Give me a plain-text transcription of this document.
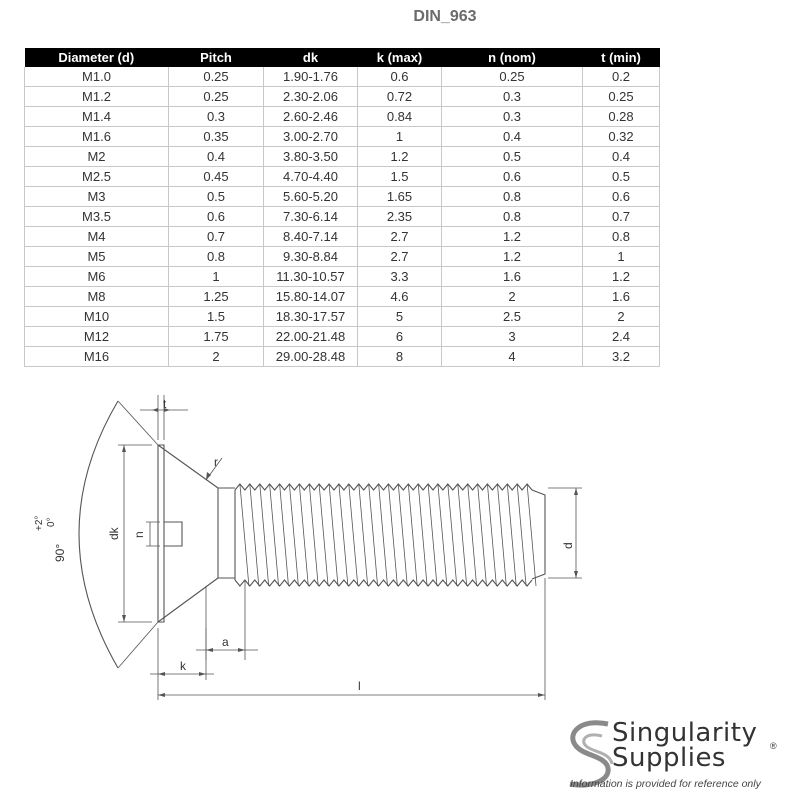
DIN_963
Diameter (d)	Pitch	dk	k (max)	n (nom)	t (min)
M1.0	0.25	1.90-1.76	0.6	0.25	0.2
M1.2	0.25	2.30-2.06	0.72	0.3	0.25
M1.4	0.3	2.60-2.46	0.84	0.3	0.28
M1.6	0.35	3.00-2.70	1	0.4	0.32
M2	0.4	3.80-3.50	1.2	0.5	0.4
M2.5	0.45	4.70-4.40	1.5	0.6	0.5
M3	0.5	5.60-5.20	1.65	0.8	0.6
M3.5	0.6	7.30-6.14	2.35	0.8	0.7
M4	0.7	8.40-7.14	2.7	1.2	0.8
M5	0.8	9.30-8.84	2.7	1.2	1
M6	1	11.30-10.57	3.3	1.6	1.2
M8	1.25	15.80-14.07	4.6	2	1.6
M10	1.5	18.30-17.57	5	2.5	2
M12	1.75	22.00-21.48	6	3	2.4
M16	2	29.00-28.48	8	4	3.2
t
r
dk n
d
a
k
l
90°
+2° 0°
Singularity
Supplies	®
Information is provided for reference only
